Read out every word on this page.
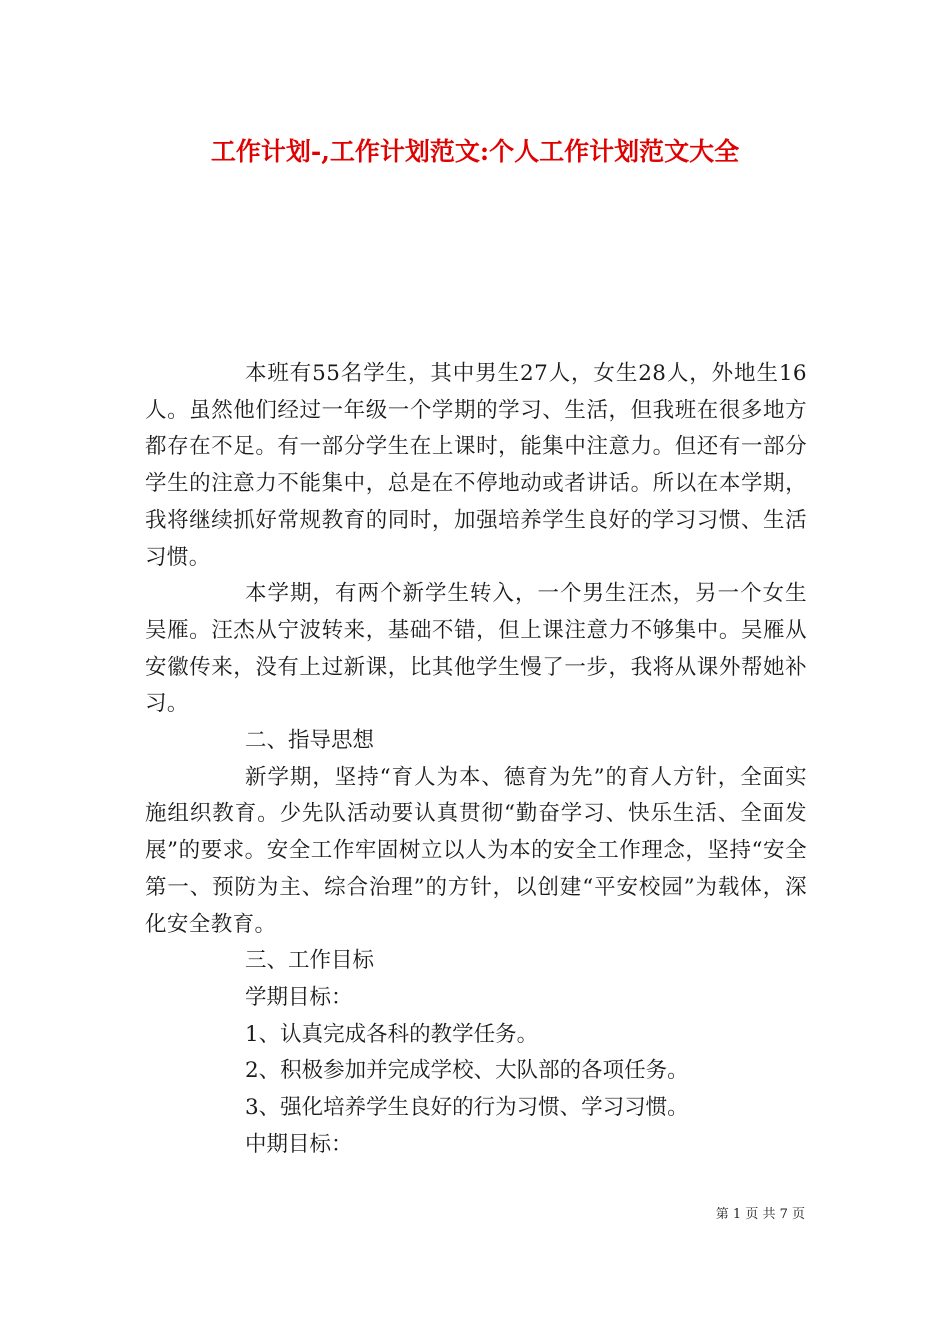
工作计划-,工作计划范文:个人工作计划范文大全

本班有55名学生，其中男生27人，女生28人，外地生16人。虽然他们经过一年级一个学期的学习、生活，但我班在很多地方都存在不足。有一部分学生在上课时，能集中注意力。但还有一部分学生的注意力不能集中，总是在不停地动或者讲话。所以在本学期，我将继续抓好常规教育的同时，加强培养学生良好的学习习惯、生活习惯。

本学期，有两个新学生转入，一个男生汪杰，另一个女生吴雁。汪杰从宁波转来，基础不错，但上课注意力不够集中。吴雁从安徽传来，没有上过新课，比其他学生慢了一步，我将从课外帮她补习。

二、指导思想

新学期，坚持“育人为本、德育为先”的育人方针，全面实施组织教育。少先队活动要认真贯彻“勤奋学习、快乐生活、全面发展”的要求。安全工作牢固树立以人为本的安全工作理念，坚持“安全第一、预防为主、综合治理”的方针，以创建“平安校园”为载体，深化安全教育。

三、工作目标

学期目标：

1、认真完成各科的教学任务。

2、积极参加并完成学校、大队部的各项任务。

3、强化培养学生良好的行为习惯、学习习惯。

中期目标：

第 1 页 共 7 页
